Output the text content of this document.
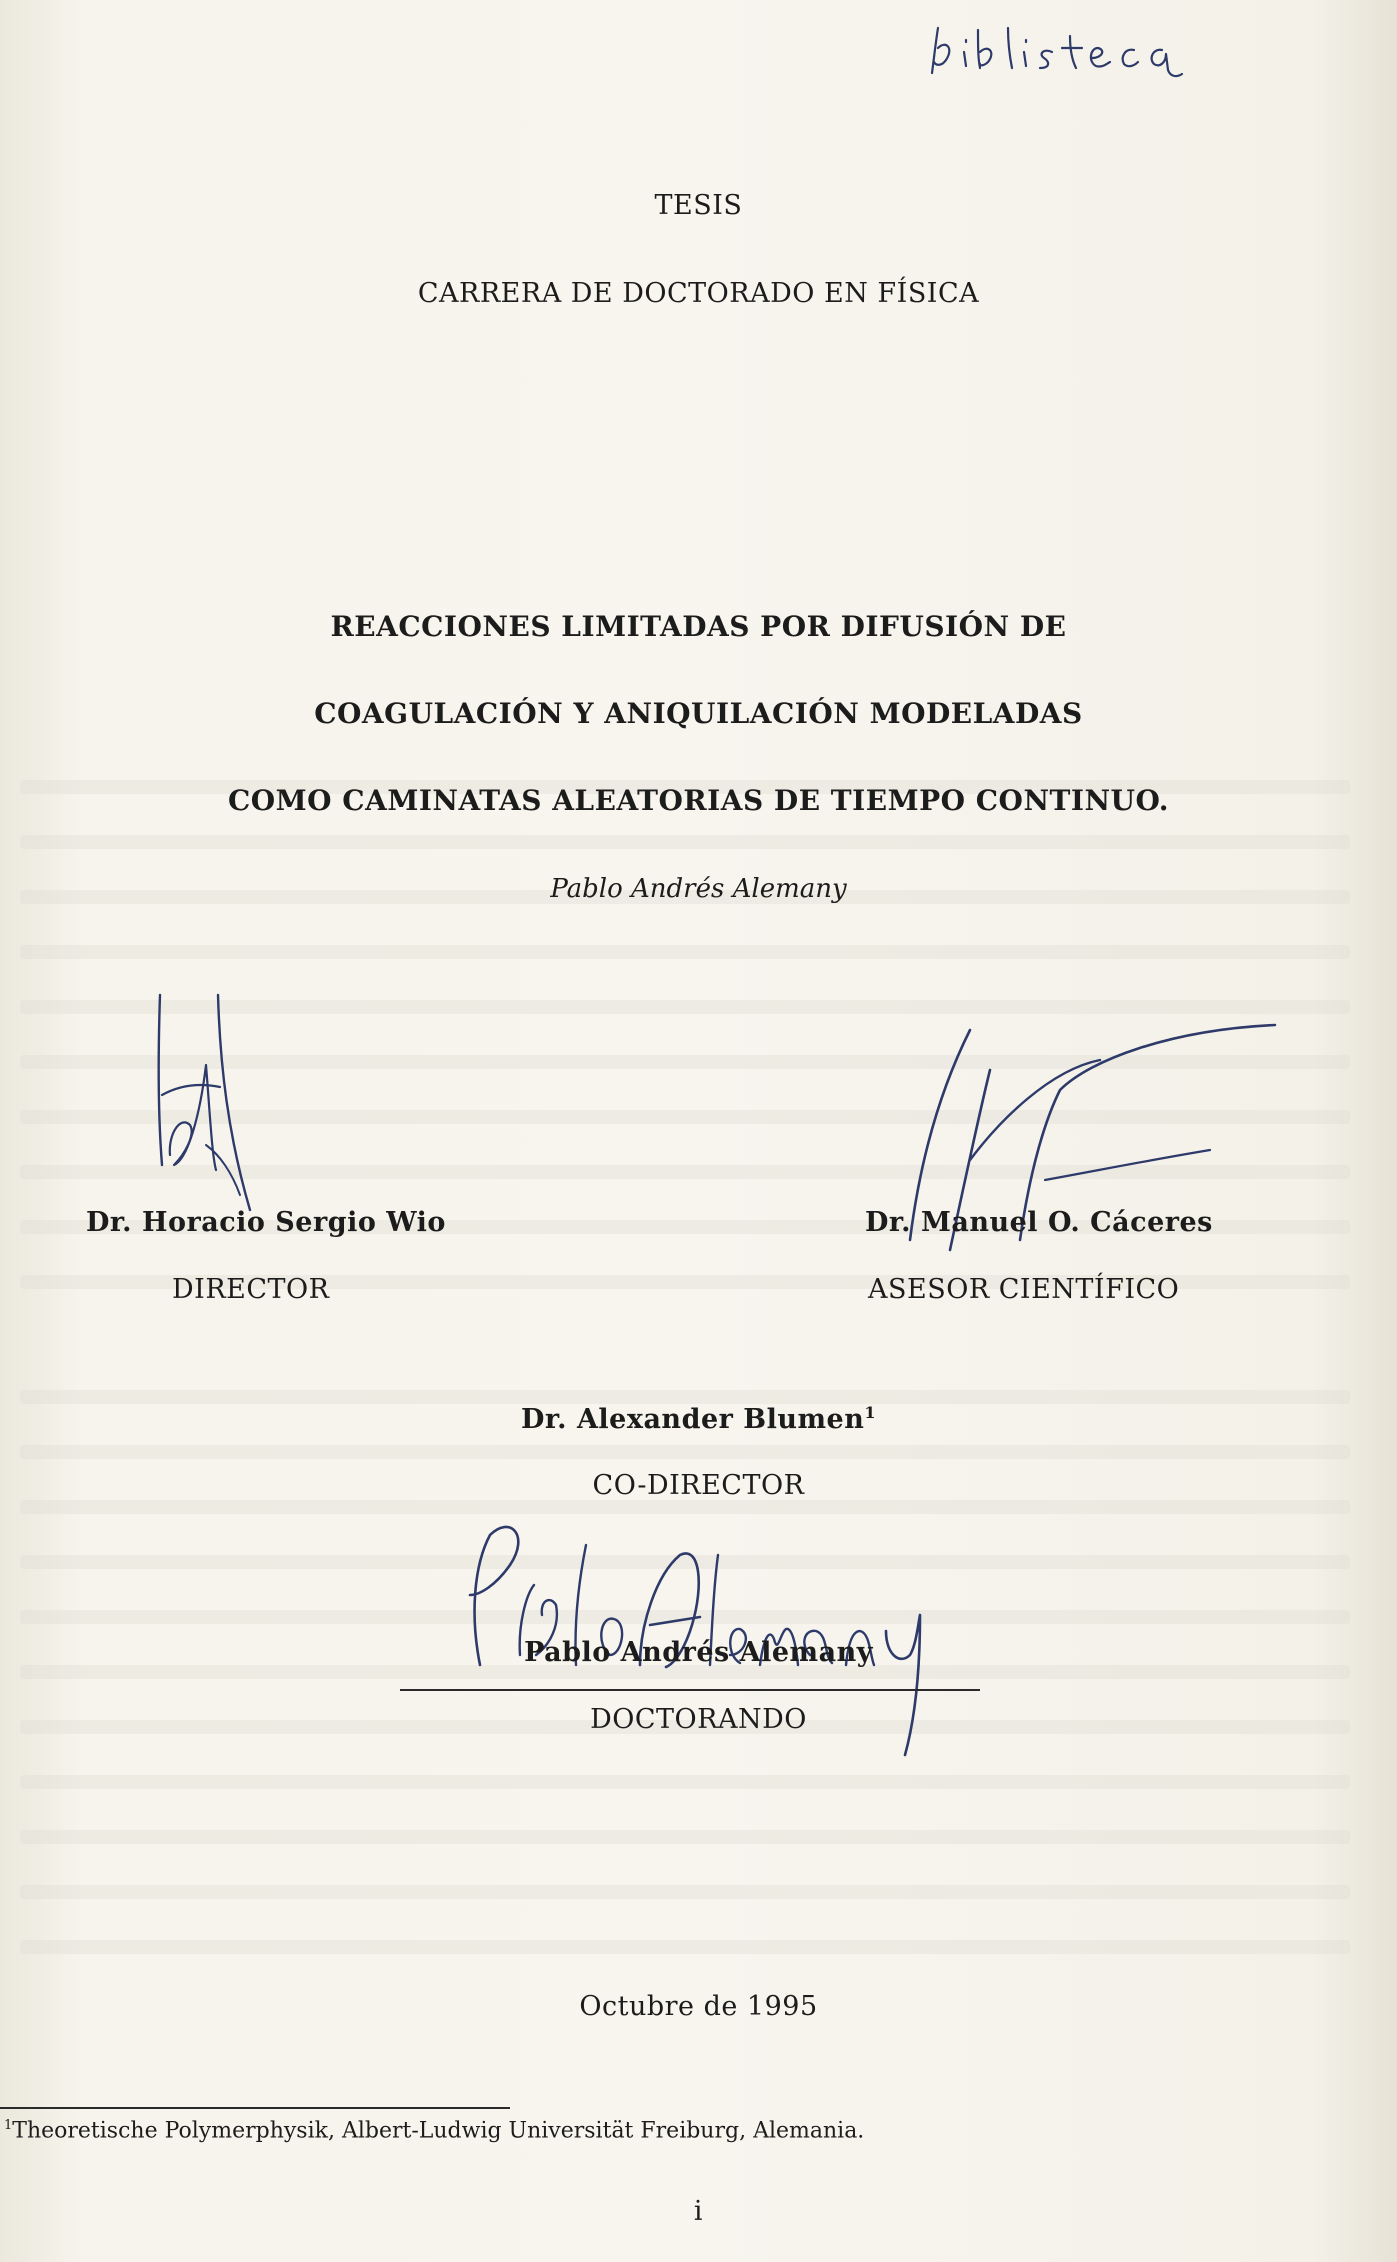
TESIS
CARRERA DE DOCTORADO EN FÍSICA
REACCIONES LIMITADAS POR DIFUSIÓN DE
COAGULACIÓN Y ANIQUILACIÓN MODELADAS
COMO CAMINATAS ALEATORIAS DE TIEMPO CONTINUO.
Pablo Andrés Alemany
Dr. Horacio Sergio Wio
DIRECTOR
Dr. Manuel O. Cáceres
ASESOR CIENTÍFICO
Dr. Alexander Blumen$^1$
CO-DIRECTOR
Pablo Andrés Alemany
DOCTORANDO
Octubre de 1995
$^1$Theoretische Polymerphysik, Albert-Ludwig Universität Freiburg, Alemania.
i
